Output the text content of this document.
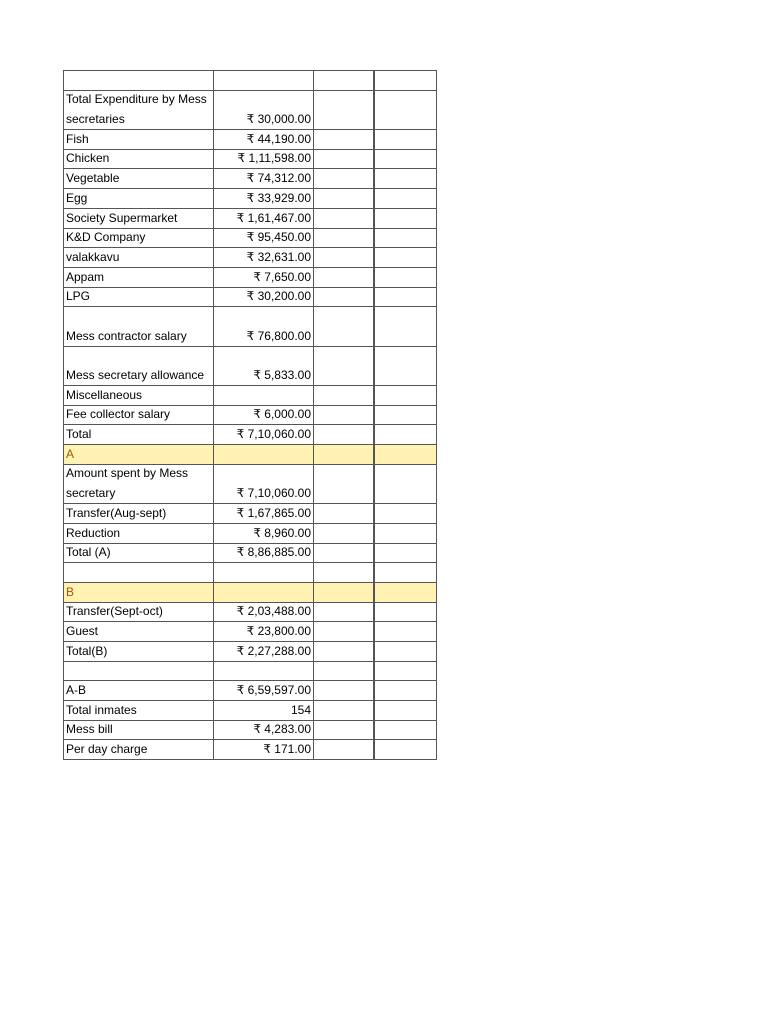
Total Expenditure by Mess secretaries	₹ 30,000.00
Fish	₹ 44,190.00
Chicken	₹ 1,11,598.00
Vegetable	₹ 74,312.00
Egg	₹ 33,929.00
Society Supermarket	₹ 1,61,467.00
K&D Company	₹ 95,450.00
valakkavu	₹ 32,631.00
Appam	₹ 7,650.00
LPG	₹ 30,200.00
Mess contractor salary	₹ 76,800.00
Mess secretary allowance	₹ 5,833.00
Miscellaneous
Fee collector salary	₹ 6,000.00
Total	₹ 7,10,060.00
A
Amount spent by Mess secretary	₹ 7,10,060.00
Transfer(Aug-sept)	₹ 1,67,865.00
Reduction	₹ 8,960.00
Total (A)	₹ 8,86,885.00
B
Transfer(Sept-oct)	₹ 2,03,488.00
Guest	₹ 23,800.00
Total(B)	₹ 2,27,288.00
A-B	₹ 6,59,597.00
Total inmates	154
Mess bill	₹ 4,283.00
Per day charge	₹ 171.00
